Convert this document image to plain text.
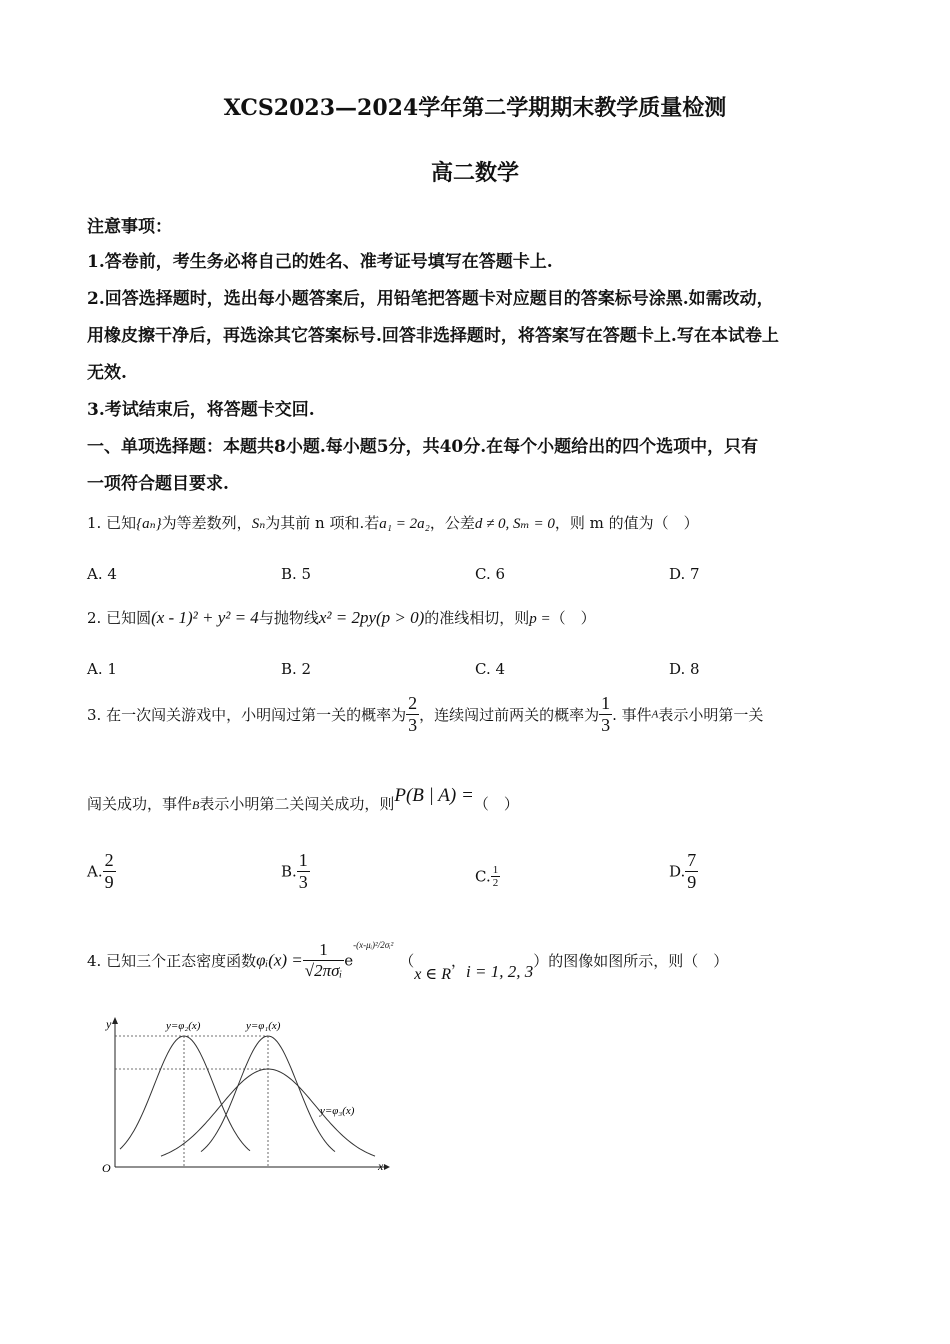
XCS2023—2024学年第二学期期末教学质量检测
高二数学
注意事项：
1.答卷前，考生务必将自己的姓名、准考证号填写在答题卡上.
2.回答选择题时，选出每小题答案后，用铅笔把答题卡对应题目的答案标号涂黑.如需改动，
用橡皮擦干净后，再选涂其它答案标号.回答非选择题时，将答案写在答题卡上.写在本试卷上
无效.
3.考试结束后，将答题卡交回.
一、单项选择题：本题共8小题.每小题5分，共40分.在每个小题给出的四个选项中，只有
一项符合题目要求.
1. 已知{aₙ}为等差数列，Sₙ为其前 n 项和.若a₁ = 2a₂，公差d ≠ 0, Sₘ = 0，则 m 的值为（　）
A. 4	B. 5	C. 6	D. 7
2. 已知圆(x - 1)² + y² = 4与抛物线x² = 2py(p > 0)的准线相切，则p =（　）
A. 1	B. 2	C. 4	D. 8
3. 在一次闯关游戏中，小明闯过第一关的概率为 $\frac{2}{3}$ ，连续闯过前两关的概率为 $\frac{1}{3}$ . 事件A表示小明第一关
闯关成功，事件B表示小明第二关闯关成功，则P(B | A) =（　）
A. $\frac{2}{9}$	B. $\frac{1}{3}$	C. $\frac{1}{2}$	D. $\frac{7}{9}$
4. 已知三个正态密度函数φᵢ(x) = $\frac{1}{\text{√2πσᵢ}} e^{-(x-\mu ᵢ)^2/2\sigma ᵢ^2}(x$ ∈ R，i = 1, 2, 3）的图像如图所示，则（　）
y
x
O
y=φ₂(x)	y=φ₁(x)
y=φ₃(x)
